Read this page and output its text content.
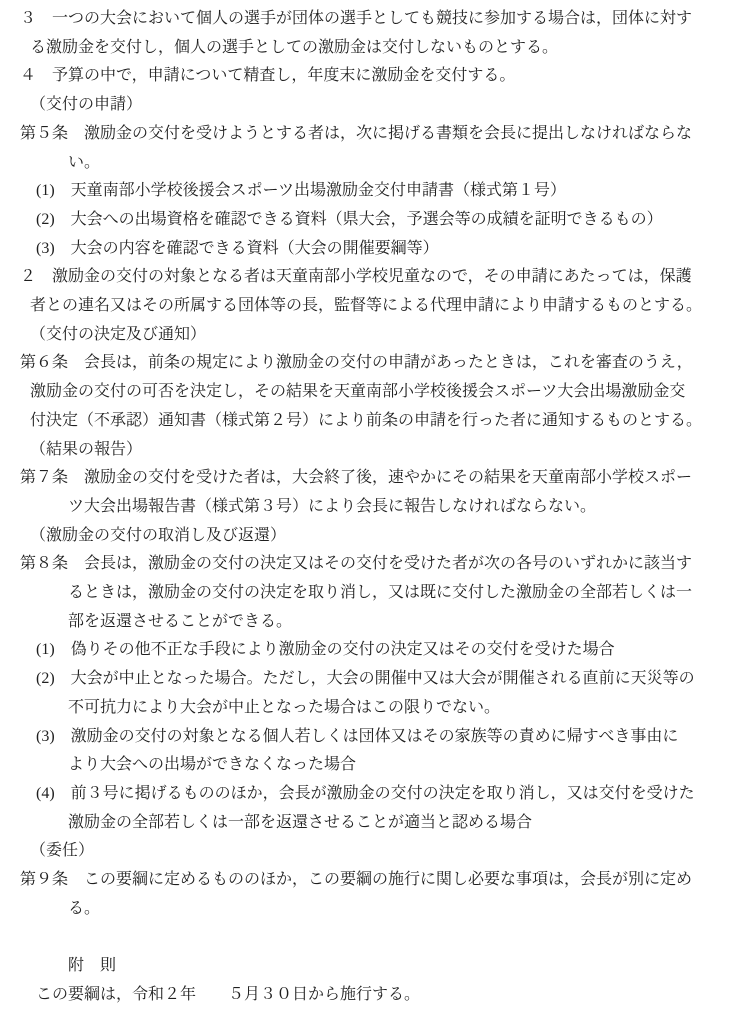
３　一つの大会において個人の選手が団体の選手としても競技に参加する場合は，団体に対す

る激励金を交付し，個人の選手としての激励金は交付しないものとする。

４　予算の中で，申請について精査し，年度末に激励金を交付する。

（交付の申請）

第５条　激励金の交付を受けようとする者は，次に掲げる書類を会長に提出しなければならな

い。

(1)　天童南部小学校後援会スポーツ出場激励金交付申請書（様式第１号）

(2)　大会への出場資格を確認できる資料（県大会，予選会等の成績を証明できるもの）

(3)　大会の内容を確認できる資料（大会の開催要綱等）

２　激励金の交付の対象となる者は天童南部小学校児童なので，その申請にあたっては，保護

者との連名又はその所属する団体等の長，監督等による代理申請により申請するものとする。

（交付の決定及び通知）

第６条　会長は，前条の規定により激励金の交付の申請があったときは，これを審査のうえ，

激励金の交付の可否を決定し，その結果を天童南部小学校後援会スポーツ大会出場激励金交

付決定（不承認）通知書（様式第２号）により前条の申請を行った者に通知するものとする。

（結果の報告）

第７条　激励金の交付を受けた者は，大会終了後，速やかにその結果を天童南部小学校スポー

ツ大会出場報告書（様式第３号）により会長に報告しなければならない。

（激励金の交付の取消し及び返還）

第８条　会長は，激励金の交付の決定又はその交付を受けた者が次の各号のいずれかに該当す

るときは，激励金の交付の決定を取り消し，又は既に交付した激励金の全部若しくは一

部を返還させることができる。

(1)　偽りその他不正な手段により激励金の交付の決定又はその交付を受けた場合

(2)　大会が中止となった場合。ただし，大会の開催中又は大会が開催される直前に天災等の

不可抗力により大会が中止となった場合はこの限りでない。

(3)　激励金の交付の対象となる個人若しくは団体又はその家族等の責めに帰すべき事由に

より大会への出場ができなくなった場合

(4)　前３号に掲げるもののほか，会長が激励金の交付の決定を取り消し，又は交付を受けた

激励金の全部若しくは一部を返還させることが適当と認める場合

（委任）

第９条　この要綱に定めるもののほか，この要綱の施行に関し必要な事項は，会長が別に定め

る。

附　則

この要綱は，令和２年　　５月３０日から施行する。
